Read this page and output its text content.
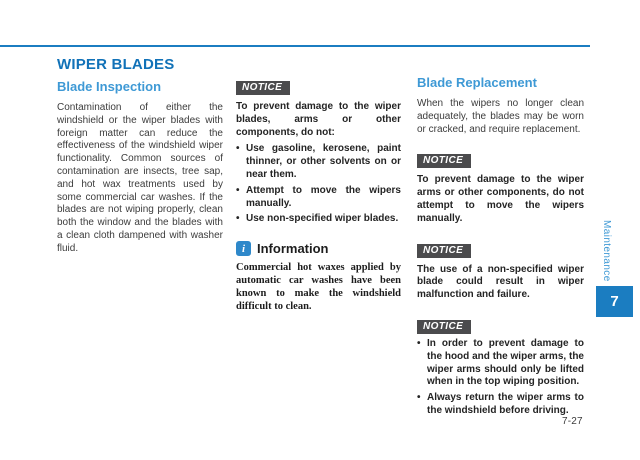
WIPER BLADES
Blade Inspection

Contamination of either the windshield or the wiper blades with foreign matter can reduce the effectiveness of the windshield wiper functionality. Common sources of contamination are insects, tree sap, and hot wax treatments used by some commercial car washes. If the blades are not wiping properly, clean both the window and the blades with a clean cloth dampened with washer fluid.

NOTICE

To prevent damage to the wiper blades, arms or other components, do not:

•
Use gasoline, kerosene, paint thinner, or other solvents on or near them.
•
Attempt to move the wipers manually.
•
Use non-specified wiper blades.
i Information

Commercial hot waxes applied by automatic car washes have been known to make the windshield difficult to clean.

Blade Replacement

When the wipers no longer clean adequately, the blades may be worn or cracked, and require replacement.

NOTICE

To prevent damage to the wiper arms or other components, do not attempt to move the wipers manually.

NOTICE

The use of a non-specified wiper blade could result in wiper malfunction and failure.

NOTICE
•
In order to prevent damage to the hood and the wiper arms, the wiper arms should only be lifted when in the top wiping position.
•
Always return the wiper arms to the windshield before driving.
Maintenance
7
7-27
